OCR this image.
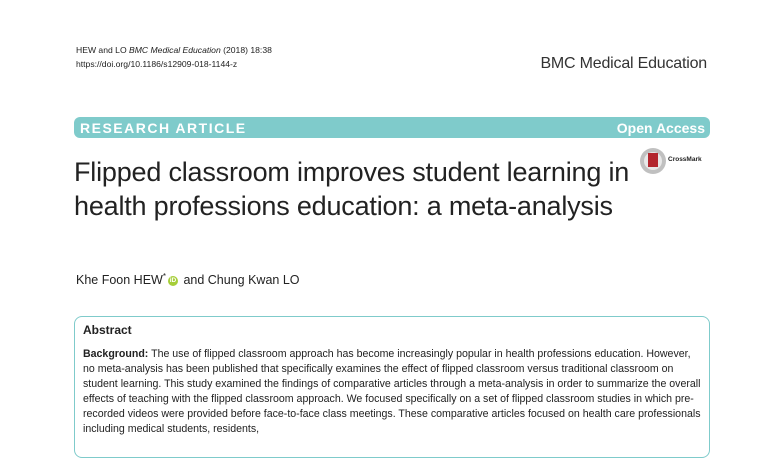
HEW and LO BMC Medical Education (2018) 18:38
https://doi.org/10.1186/s12909-018-1144-z	BMC Medical Education
RESEARCH ARTICLE	Open Access
CrossMark
Flipped classroom improves student learning in health professions education: a meta-analysis
Khe Foon HEW* iD and Chung Kwan LO
Abstract

Background: The use of flipped classroom approach has become increasingly popular in health professions education. However, no meta-analysis has been published that specifically examines the effect of flipped classroom versus traditional classroom on student learning. This study examined the findings of comparative articles through a meta-analysis in order to summarize the overall effects of teaching with the flipped classroom approach. We focused specifically on a set of flipped classroom studies in which pre-recorded videos were provided before face-to-face class meetings. These comparative articles focused on health care professionals including medical students, residents,
